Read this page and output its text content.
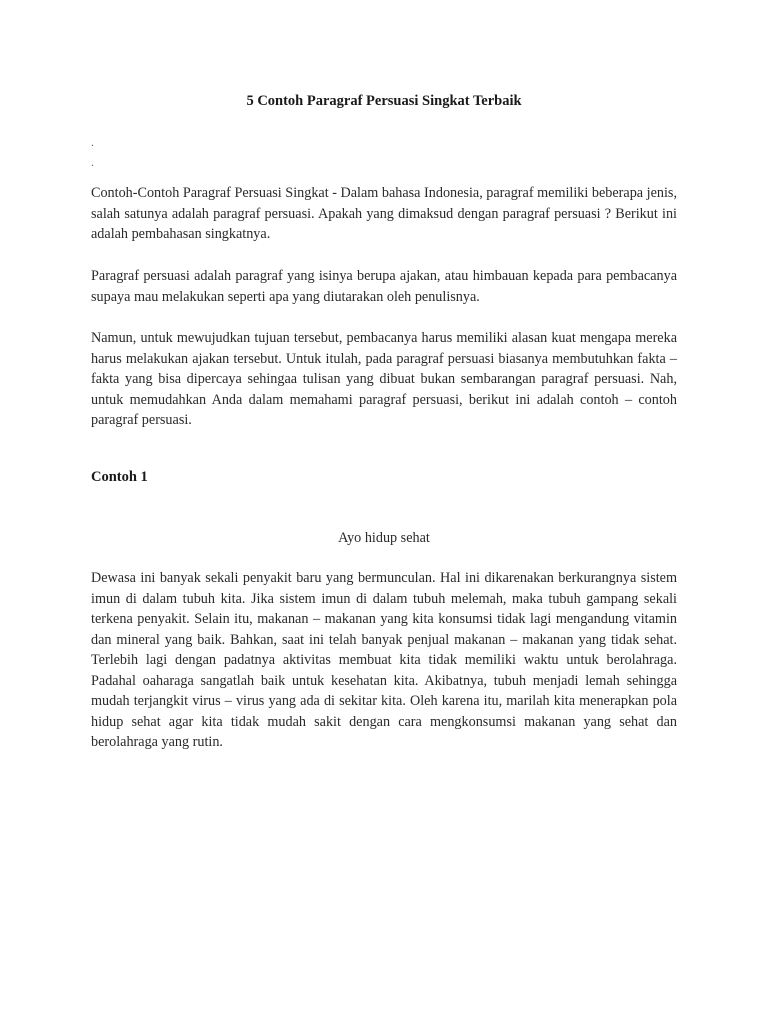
5 Contoh Paragraf Persuasi Singkat Terbaik
.
.

Contoh-Contoh Paragraf Persuasi Singkat - Dalam bahasa Indonesia, paragraf memiliki beberapa jenis, salah satunya adalah paragraf persuasi. Apakah yang dimaksud dengan paragraf persuasi ? Berikut ini adalah pembahasan singkatnya.

Paragraf persuasi adalah paragraf yang isinya berupa ajakan, atau himbauan kepada para pembacanya supaya mau melakukan seperti apa yang diutarakan oleh penulisnya.

Namun, untuk mewujudkan tujuan tersebut, pembacanya harus memiliki alasan kuat mengapa mereka harus melakukan ajakan tersebut. Untuk itulah, pada paragraf persuasi biasanya membutuhkan fakta – fakta yang bisa dipercaya sehingaa tulisan yang dibuat bukan sembarangan paragraf persuasi. Nah, untuk memudahkan Anda dalam memahami paragraf persuasi, berikut ini adalah contoh – contoh paragraf persuasi.

Contoh 1
Ayo hidup sehat

Dewasa ini banyak sekali penyakit baru yang bermunculan. Hal ini dikarenakan berkurangnya sistem imun di dalam tubuh kita. Jika sistem imun di dalam tubuh melemah, maka tubuh gampang sekali terkena penyakit. Selain itu, makanan – makanan yang kita konsumsi tidak lagi mengandung vitamin dan mineral yang baik. Bahkan, saat ini telah banyak penjual makanan – makanan yang tidak sehat. Terlebih lagi dengan padatnya aktivitas membuat kita tidak memiliki waktu untuk berolahraga. Padahal oaharaga sangatlah baik untuk kesehatan kita. Akibatnya, tubuh menjadi lemah sehingga mudah terjangkit virus – virus yang ada di sekitar kita. Oleh karena itu, marilah kita menerapkan pola hidup sehat agar kita tidak mudah sakit dengan cara mengkonsumsi makanan yang sehat dan berolahraga yang rutin.
